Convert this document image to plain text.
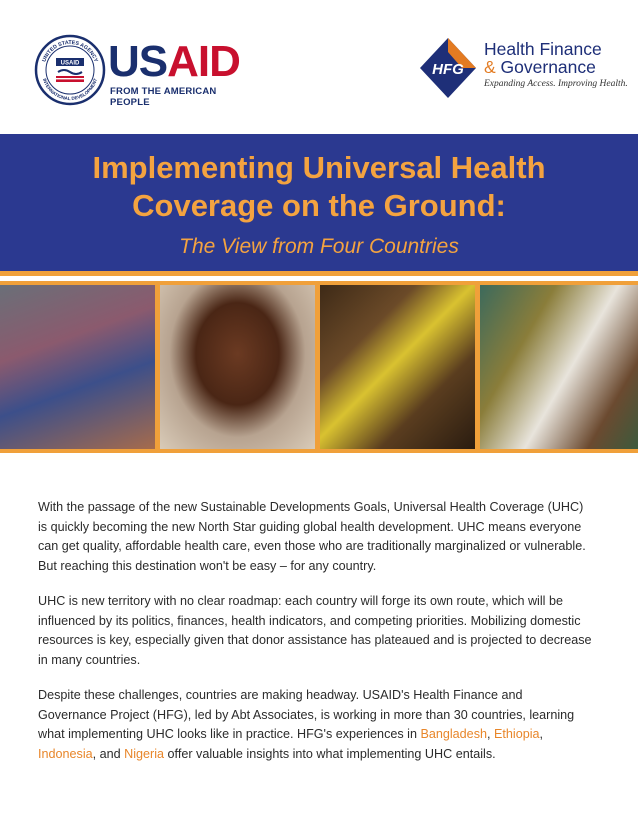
UNITED STATES AGENCY
INTERNATIONAL DEVELOPMENT
USAID USAID
FROM THE AMERICAN PEOPLE
HFG
Health Finance
& Governance
Expanding Access. Improving Health.
Implementing Universal Health
Coverage on the Ground:
The View from Four Countries

With the passage of the new Sustainable Developments Goals, Universal Health Coverage (UHC) is quickly becoming the new North Star guiding global health development. UHC means everyone can get quality, affordable health care, even those who are traditionally marginalized or vulnerable. But reaching this destination won't be easy – for any country.

UHC is new territory with no clear roadmap: each country will forge its own route, which will be influenced by its politics, finances, health indicators, and competing priorities. Mobilizing domestic resources is key, especially given that donor assistance has plateaued and is projected to decrease in many countries.

Despite these challenges, countries are making headway. USAID's Health Finance and Governance Project (HFG), led by Abt Associates, is working in more than 30 countries, learning what implementing UHC looks like in practice. HFG's experiences in Bangladesh, Ethiopia, Indonesia, and Nigeria offer valuable insights into what implementing UHC entails.
